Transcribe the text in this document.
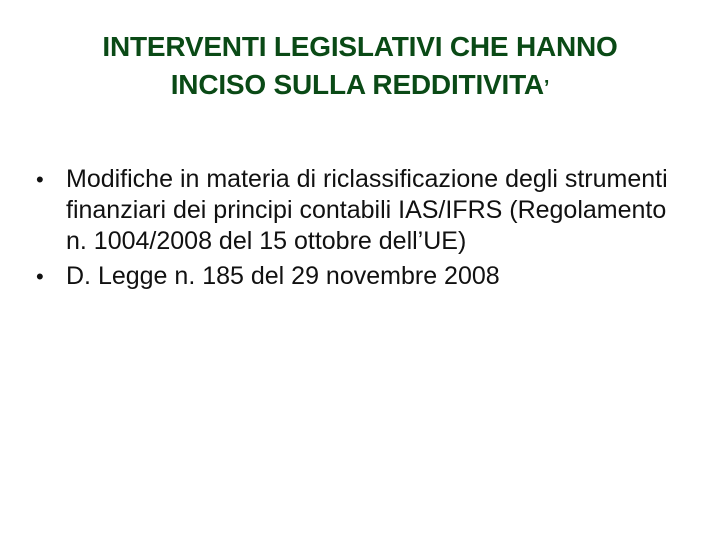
INTERVENTI LEGISLATIVI CHE HANNO
INCISO SULLA REDDITIVITA’
• Modifiche in materia di riclassificazione degli strumenti finanziari dei principi contabili IAS/IFRS (Regolamento n. 1004/2008 del 15 ottobre dell’UE)
• D. Legge n. 185 del 29 novembre 2008
